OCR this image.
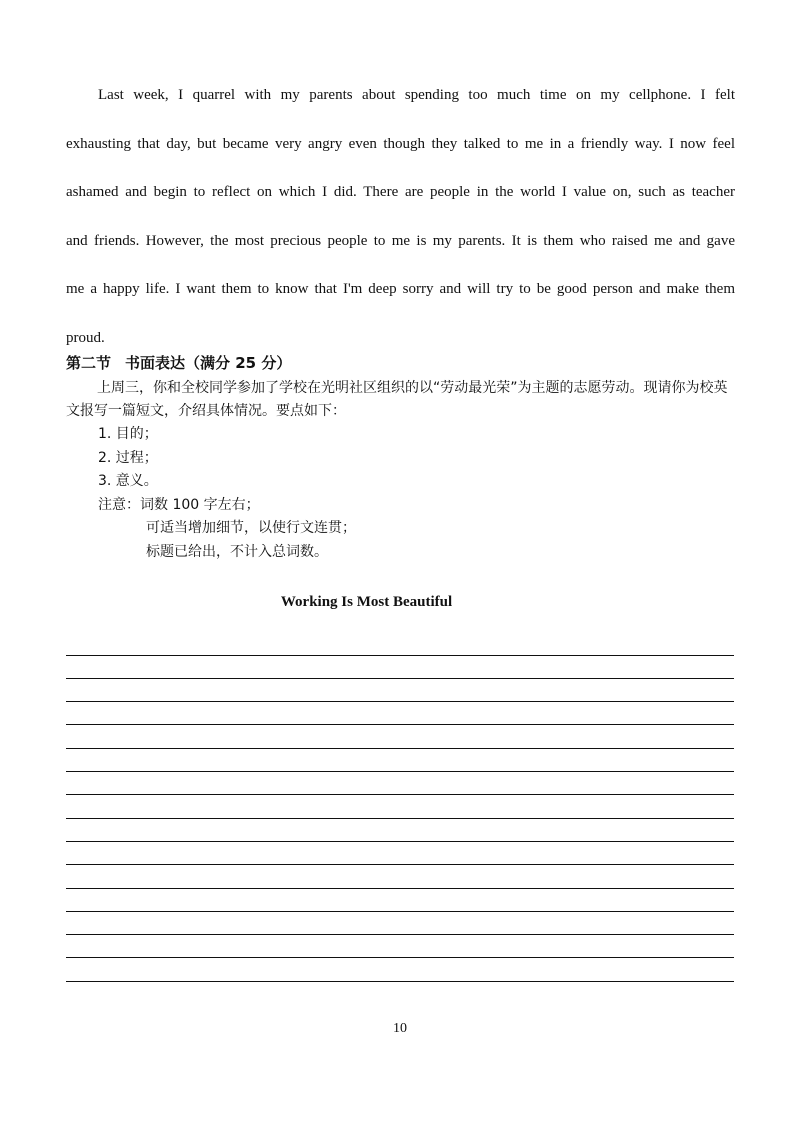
Last week, I quarrel with my parents about spending too much time on my cellphone. I felt
exhausting that day, but became very angry even though they talked to me in a friendly way. I now feel
ashamed and begin to reflect on which I did. There are people in the world I value on, such as teacher
and friends. However, the most precious people to me is my parents. It is them who raised me and gave
me a happy life. I want them to know that I'm deep sorry and will try to be good person and make them
proud.

第二节 书面表达（满分 25 分）

上周三，你和全校同学参加了学校在光明社区组织的以“劳动最光荣”为主题的志愿劳动。现请你为校英文报写一篇短文，介绍具体情况。要点如下：

1. 目的；
2. 过程；
3. 意义。
注意：词数 100 字左右；
可适当增加细节，以使行文连贯；
标题已给出，不计入总词数。
Working Is Most Beautiful
10
